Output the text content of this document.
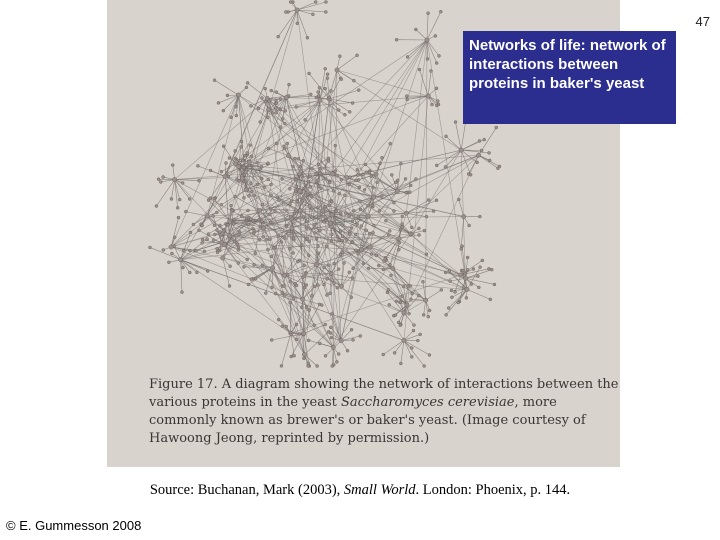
Figure 17. A diagram showing the network of interactions between the various proteins in the yeast Saccharomyces cerevisiae, more commonly known as brewer's or baker's yeast. (Image courtesy of Hawoong Jeong, reprinted by permission.)
Networks of life: network of interactions between proteins in baker's yeast
47
Source: Buchanan, Mark (2003), Small World. London: Phoenix, p. 144.
© E. Gummesson 2008
